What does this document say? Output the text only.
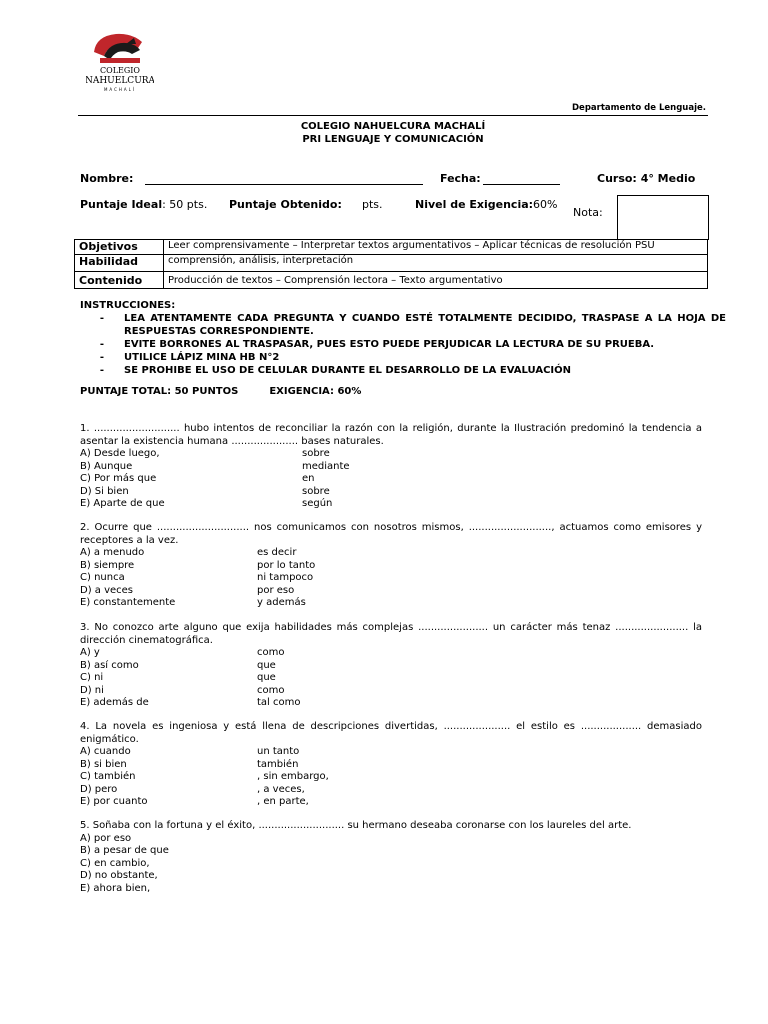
COLEGIO
NAHUELCURA
MACHALÍ
Departamento de Lenguaje.
COLEGIO NAHUELCURA MACHALÍ
PRI LENGUAJE Y COMUNICACIÓN
Nombre:	Fecha:	Curso: 4° Medio
Puntaje Ideal: 50 pts. Puntaje Obtenido: pts.	Nivel de Exigencia:60%
Nota:
Objetivos	Leer comprensivamente – Interpretar textos argumentativos – Aplicar técnicas de resolución PSU
Habilidad	comprensión, análisis, interpretación
Contenido	Producción de textos – Comprensión lectora – Texto argumentativo
INSTRUCCIONES:
-	LEA ATENTAMENTE CADA PREGUNTA Y CUANDO ESTÉ TOTALMENTE DECIDIDO, TRASPASE A LA HOJA DE RESPUESTAS CORRESPONDIENTE.
-	EVITE BORRONES AL TRASPASAR, PUES ESTO PUEDE PERJUDICAR LA LECTURA DE SU PRUEBA.
-	UTILICE LÁPIZ MINA HB N°2
-	SE PROHIBE EL USO DE CELULAR DURANTE EL DESARROLLO DE LA EVALUACIÓN
PUNTAJE TOTAL: 50 PUNTOS	EXIGENCIA: 60%
1. ........................... hubo intentos de reconciliar la razón con la religión, durante la Ilustración predominó la tendencia a asentar la existencia humana ..................... bases naturales.
A) Desde luego,	sobre
B) Aunque	mediante
C) Por más que	en
D) Si bien	sobre
E) Aparte de que	según
2. Ocurre que ............................. nos comunicamos con nosotros mismos, .........................., actuamos como emisores y receptores a la vez.
A) a menudo	es decir
B) siempre	por lo tanto
C) nunca	ni tampoco
D) a veces	por eso
E) constantemente	y además
3. No conozco arte alguno que exija habilidades más complejas ...................... un carácter más tenaz ....................... la dirección cinematográfica.
A) y	como
B) así como	que
C) ni	que
D) ni	como
E) además de	tal como
4. La novela es ingeniosa y está llena de descripciones divertidas, ..................... el estilo es ................... demasiado enigmático.
A) cuando	un tanto
B) si bien	también
C) también	, sin embargo,
D) pero	, a veces,
E) por cuanto	, en parte,
5. Soñaba con la fortuna y el éxito, ........................... su hermano deseaba coronarse con los laureles del arte.
A) por eso
B) a pesar de que
C) en cambio,
D) no obstante,
E) ahora bien,
